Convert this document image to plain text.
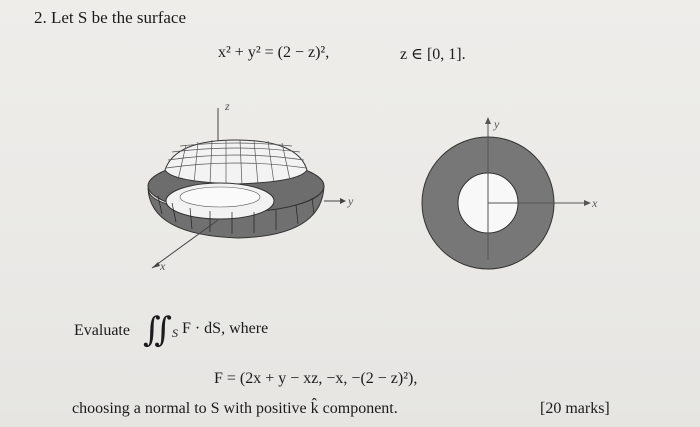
2. Let S be the surface
x² + y² = (2 − z)²,	z ∈ [0, 1].
z
y
x
y
x
Evaluate $∬_S$ F · dS, where
F = (2x + y − xz, −x, −(2 − z)²),
choosing a normal to S with positive k̂ component.	[20 marks]
